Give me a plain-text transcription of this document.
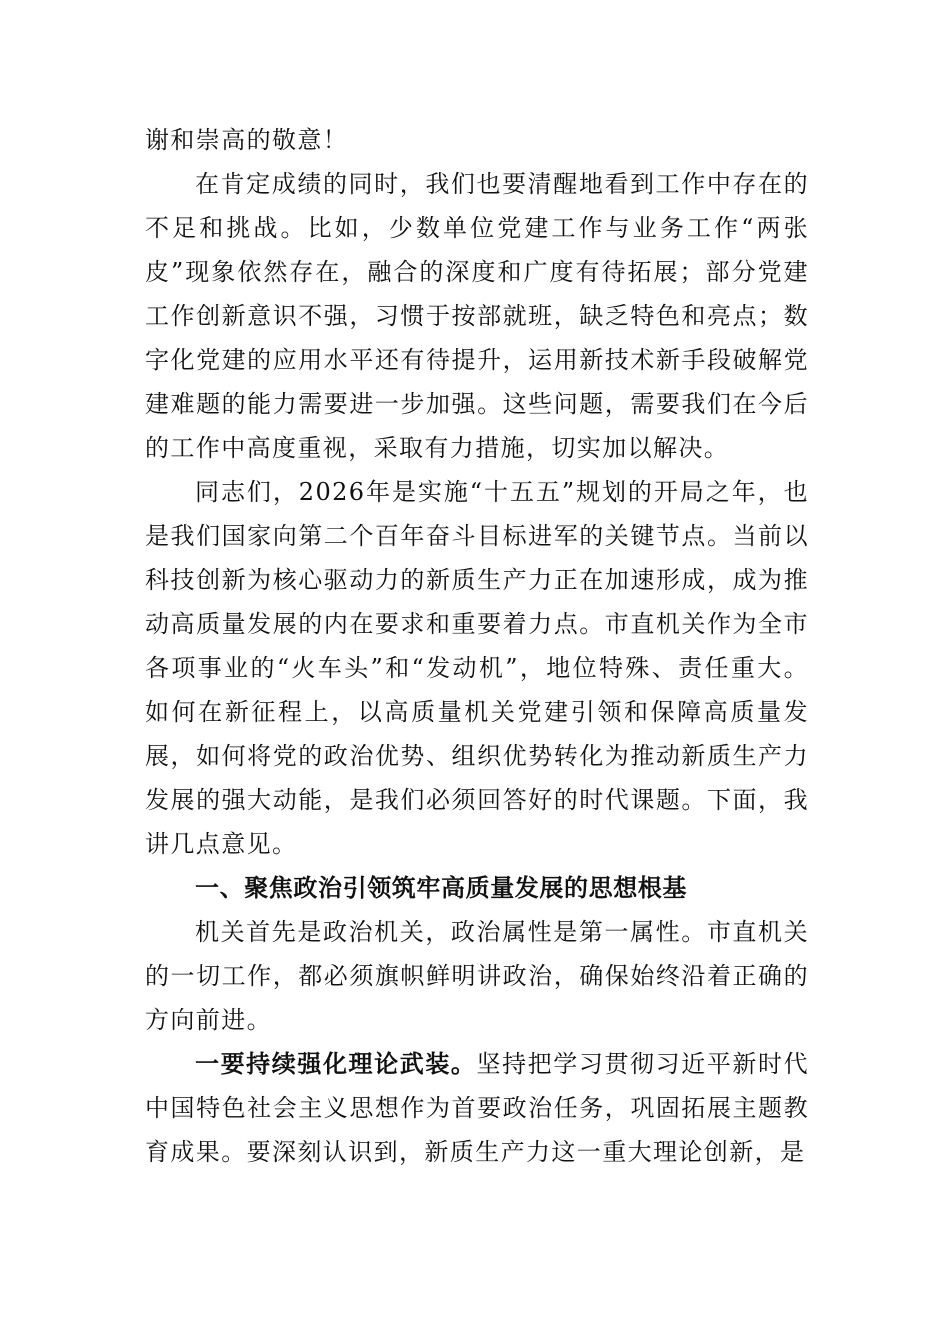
谢和崇高的敬意！

在肯定成绩的同时，我们也要清醒地看到工作中存在的不足和挑战。比如，少数单位党建工作与业务工作“两张皮”现象依然存在，融合的深度和广度有待拓展；部分党建工作创新意识不强，习惯于按部就班，缺乏特色和亮点；数字化党建的应用水平还有待提升，运用新技术新手段破解党建难题的能力需要进一步加强。这些问题，需要我们在今后的工作中高度重视，采取有力措施，切实加以解决。

同志们，2026年是实施“十五五”规划的开局之年，也是我们国家向第二个百年奋斗目标进军的关键节点。当前以科技创新为核心驱动力的新质生产力正在加速形成，成为推动高质量发展的内在要求和重要着力点。市直机关作为全市各项事业的“火车头”和“发动机”，地位特殊、责任重大。如何在新征程上，以高质量机关党建引领和保障高质量发展，如何将党的政治优势、组织优势转化为推动新质生产力发展的强大动能，是我们必须回答好的时代课题。下面，我讲几点意见。

一、聚焦政治引领筑牢高质量发展的思想根基

机关首先是政治机关，政治属性是第一属性。市直机关的一切工作，都必须旗帜鲜明讲政治，确保始终沿着正确的方向前进。

一要持续强化理论武装。坚持把学习贯彻习近平新时代中国特色社会主义思想作为首要政治任务，巩固拓展主题教育成果。要深刻认识到，新质生产力这一重大理论创新，是
